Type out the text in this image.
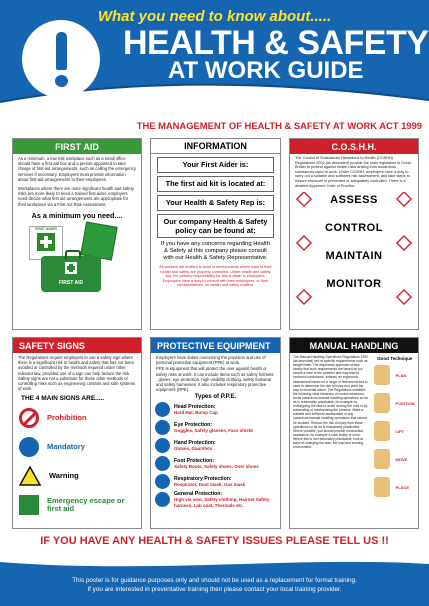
What you need to know about.....
HEALTH & SAFETY
AT WORK GUIDE
THE MANAGEMENT OF HEALTH & SAFETY AT WORK ACT 1999
FIRST AID
As a minimum, a low-risk workplace such as a small office should have a first-aid box and a person appointed to take charge of first-aid arrangements, such as calling the emergency services if necessary. Employers must provide information about first-aid arrangements to their employees.
Workplaces where there are more significant health and safety risks are more likely to need a trained first-aider. employers need decide what first aid arrangements are appropriate for their workplace via a First Aid Risk Assessment.
As a minimum you need....
FIRST AIDER
FIRST AID
INFORMATION
Your First Aider is:
The first aid kit is located at:
Your Health & Safety Rep is:
Our company Health & Safety policy can be found at:
If you have any concerns regarding Health & Safety at this company please consult with our Health & Safety Representative.
All workers are entitled to work in environments where risks to their health and safety are properly controlled. Under health and safety law, the primary responsibility for this is down to employers. Employers have a duty to consult with their employees, or their representatives, on health and safety matters.
C.O.S.H.H.
The Control of Substances Hazardous to Health (COSHH) Regulations 2002 (as amended) provide the main legislation in Great Britain to protect against health risks arising from hazardous substances used at work. Under COSHH, employers have a duty to carry out a suitable and sufficient risk assessment, and take steps to ensure exposure is prevented or adequately controlled. There is a detailed Approved Code of Practice
ASSESS
CONTROL
MAINTAIN
MONITOR
SAFETY SIGNS
The Regulations require employers to use a safety sign where there is a significant risk to health and safety that has not been avoided or controlled by the methods required under other relevant law, provided use of a sign can help reduce the risk. Safety signs are not a substitute for those other methods of controlling risks such as engineering controls and safe systems of work.
THE 4 MAIN SIGNS ARE.....
Prohibition
Mandatory
Warning
Emergency escape or first aid
PROTECTIVE EQUIPMENT
Employers have duties concerning the provision and use of personal protective equipment (PPE) at work.
PPE is equipment that will protect the user against health or safety risks at work. It can include items such as safety helmets , gloves, eye protection, high-visibility clothing, safety footwear and safety harnesses. It also includes respiratory protective equipment (RPE).
Types of P.P.E.
Head Protection:
Hard Hat, Bump Cap
Eye Protection:
Goggles, Safety glasses, Face shield
Hand Protection:
Gloves, Gauntlets
Foot Protection:
Safety Boots, Safety shoes, Over shoes
Respiratory Protection:
Respirator, Dust mask, Gas mask
General Protection:
High vis vest, Safety clothing, Hairnet Safety harness, Lab coat, Thermals etc.
MANUAL HANDLING
The Manual Handling Operations Regulations 1992 (as amended) set no specific requirements such as weight limits. The ergonomic approach shows clearly that such requirements are based on too simple a view of the problem and may lead to incorrect conclusions. Instead, an ergonomic assessment based on a range of relevant factors is used to determine the risk of injury and point the way to remedial action. The Regulations establish the following clear hierarchy of control measures: Avoid hazardous manual handling operations so far as is reasonably practicable, for example by redesigning the task to avoid moving the load or by automating or mechanising the process. Make a suitable and sufficient assessment of any hazardous manual handling operations that cannot be avoided. Reduce the risk of injury from those operations so far as is reasonably practicable. Where possible, you should provide mechanical assistance, for example a sack trolley or hoist. Where this is not reasonably practicable, look at ways of changing the task, the load and working environment.
Good Technique
PLAN
POSITION
LIFT
MOVE
PLACE
IF YOU HAVE ANY HEALTH & SAFETY ISSUES PLEASE TELL US !!
This poster is for guidance purposes only and should not be used as a replacement for formal training.
If you are interested in preventative training then please contact your local training provider.
